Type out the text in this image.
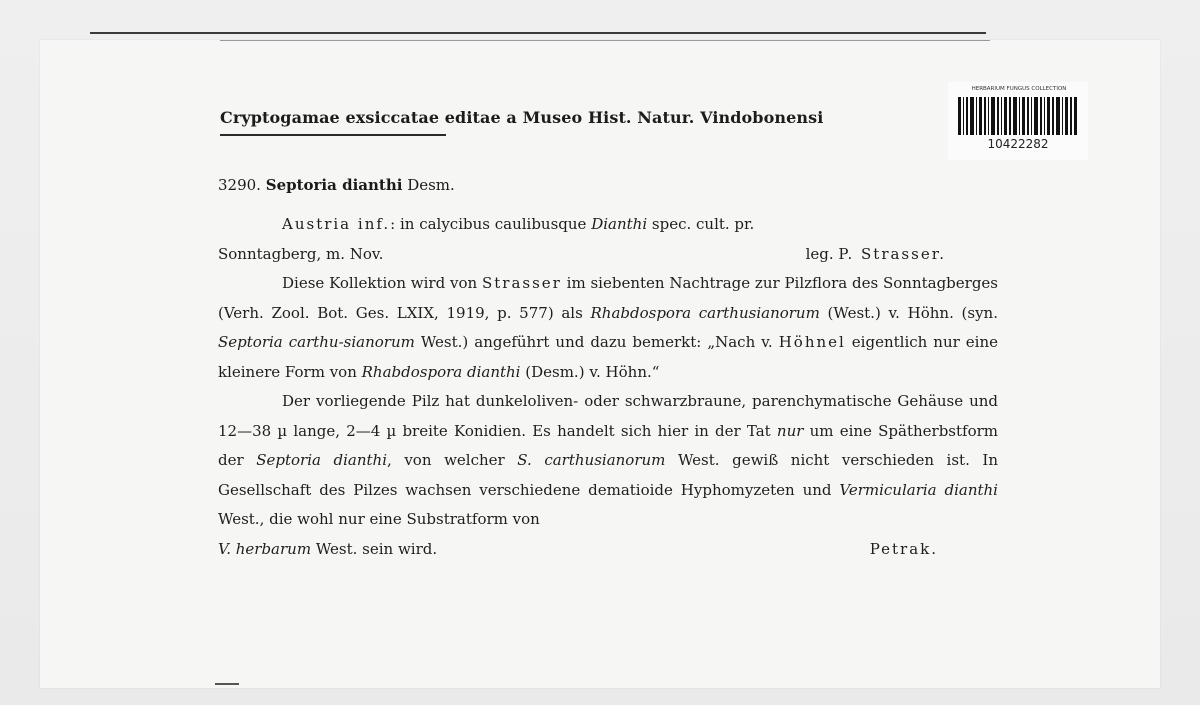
Cryptogamae exsiccatae editae a Museo Hist. Natur. Vindobonensi
HERBARIUM FUNGUS COLLECTION
10422282
3290. Septoria dianthi Desm.

Austria inf.: in calycibus caulibusque Dianthi spec. cult. pr.

Sonntagberg, m. Nov.	leg. P. Strasser.

Diese Kollektion wird von Strasser im siebenten Nachtrage zur Pilzflora des Sonntagberges (Verh. Zool. Bot. Ges. LXIX, 1919, p. 577) als Rhabdospora carthusianorum (West.) v. Höhn. (syn. Septoria carthu-sianorum West.) angeführt und dazu bemerkt: „Nach v. Höhnel eigentlich nur eine kleinere Form von Rhabdospora dianthi (Desm.) v. Höhn.“

Der vorliegende Pilz hat dunkeloliven- oder schwarzbraune, parenchymatische Gehäuse und 12—38 µ lange, 2—4 µ breite Konidien. Es handelt sich hier in der Tat nur um eine Spätherbstform der Septoria dianthi, von welcher S. carthusianorum West. gewiß nicht verschieden ist. In Gesellschaft des Pilzes wachsen verschiedene dematioide Hyphomyzeten und Vermicularia dianthi West., die wohl nur eine Substratform von

V. herbarum West. sein wird.	Petrak.
